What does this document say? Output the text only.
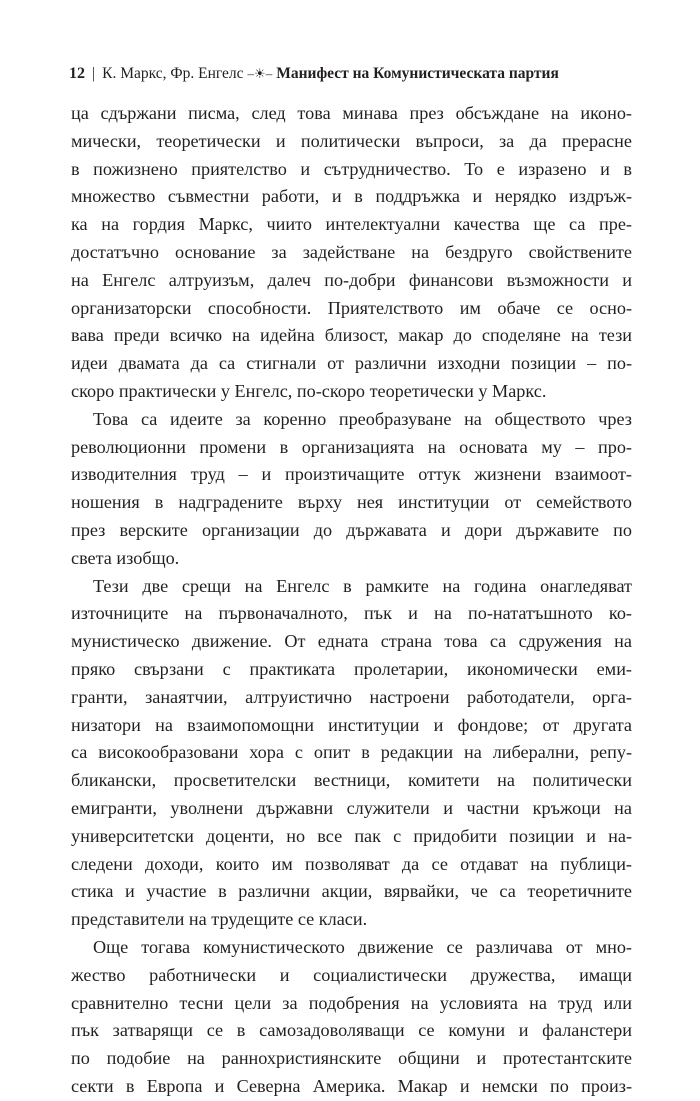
12 | К. Маркс, Фр. Енгелс –☀– Манифест на Комунистическата партия
ца сдържани писма, след това минава през обсъждане на иконо-
мически, теоретически и политически въпроси, за да прерасне
в пожизнено приятелство и сътрудничество. То е изразено и в
множество съвместни работи, и в поддръжка и нерядко издръж-
ка на гордия Маркс, чиито интелектуални качества ще са пре-
достатъчно основание за задействане на бездруго свойствените
на Енгелс алтруизъм, далеч по-добри финансови възможности и
организаторски способности. Приятелството им обаче се осно-
вава преди всичко на идейна близост, макар до споделяне на тези
идеи двамата да са стигнали от различни изходни позиции – по-
скоро практически у Енгелс, по-скоро теоретически у Маркс.
Това са идеите за коренно преобразуване на обществото чрез
революционни промени в организацията на основата му – про-
изводителния труд – и произтичащите оттук жизнени взаимоот-
ношения в надградените върху нея институции от семейството
през верските организации до държавата и дори държавите по
света изобщо.
Тези две срещи на Енгелс в рамките на година онагледяват
източниците на първоначалното, пък и на по-нататъшното ко-
мунистическо движение. От едната страна това са сдружения на
пряко свързани с практиката пролетарии, икономически еми-
гранти, занаятчии, алтруистично настроени работодатели, орга-
низатори на взаимопомощни институции и фондове; от другата
са високообразовани хора с опит в редакции на либерални, репу-
бликански, просветителски вестници, комитети на политически
емигранти, уволнени държавни служители и частни кръжоци на
университетски доценти, но все пак с придобити позиции и на-
следени доходи, които им позволяват да се отдават на публици-
стика и участие в различни акции, вярвайки, че са теоретичните
представители на трудещите се класи.
Още тогава комунистическото движение се различава от мно-
жество работнически и социалистически дружества, имащи
сравнително тесни цели за подобрения на условията на труд или
пък затварящи се в самозадоволяващи се комуни и фаланстери
по подобие на раннохристиянските общини и протестантските
секти в Европа и Северна Америка. Макар и немски по произ-
